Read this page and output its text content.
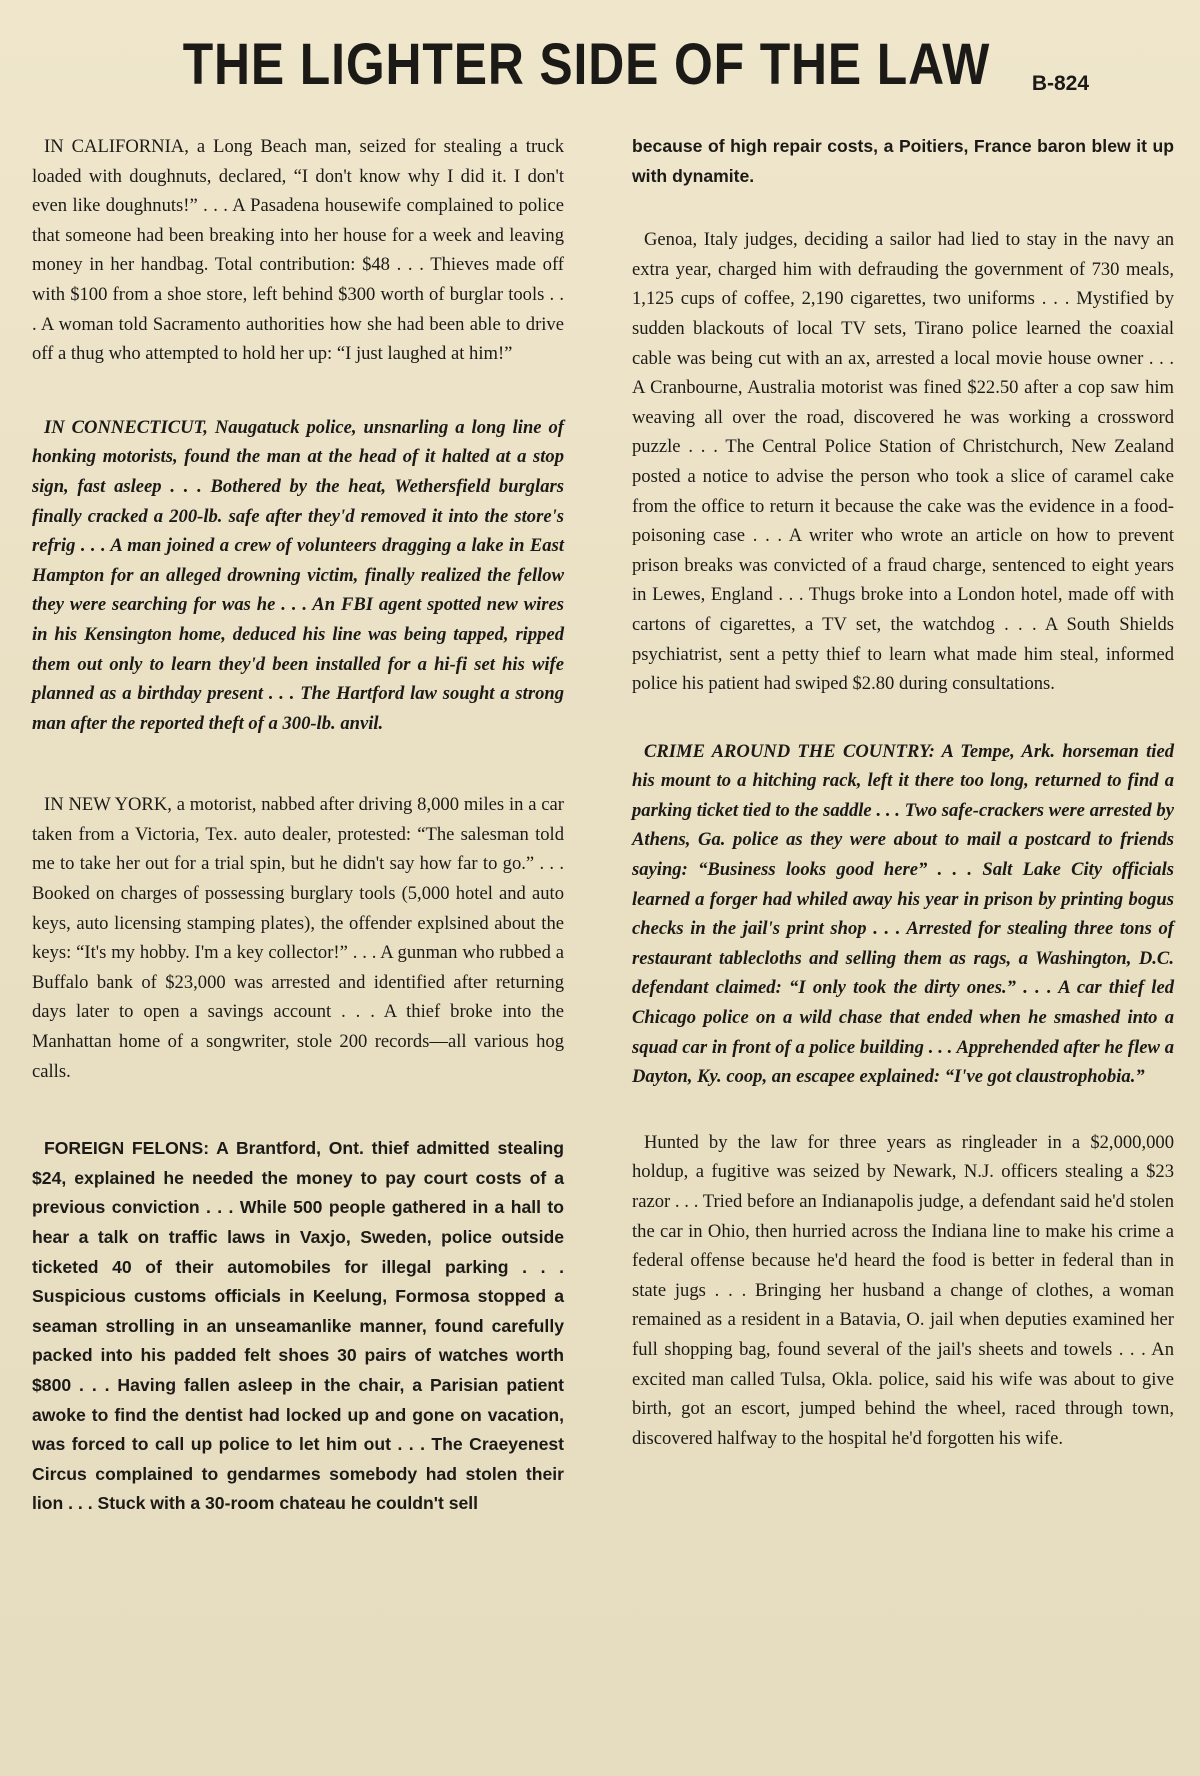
THE LIGHTER SIDE OF THE LAW B-824

IN CALIFORNIA, a Long Beach man, seized for stealing a truck loaded with doughnuts, declared, “I don't know why I did it. I don't even like doughnuts!” . . . A Pasadena housewife complained to police that someone had been breaking into her house for a week and leaving money in her handbag. Total contribution: $48 . . . Thieves made off with $100 from a shoe store, left behind $300 worth of burglar tools . . . A woman told Sacramento authorities how she had been able to drive off a thug who attempted to hold her up: “I just laughed at him!”

IN CONNECTICUT, Naugatuck police, unsnarling a long line of honking motorists, found the man at the head of it halted at a stop sign, fast asleep . . . Bothered by the heat, Wethersfield burglars finally cracked a 200-lb. safe after they'd removed it into the store's refrig . . . A man joined a crew of volunteers dragging a lake in East Hampton for an alleged drowning victim, finally realized the fellow they were searching for was he . . . An FBI agent spotted new wires in his Kensington home, deduced his line was being tapped, ripped them out only to learn they'd been installed for a hi-fi set his wife planned as a birthday present . . . The Hartford law sought a strong man after the reported theft of a 300-lb. anvil.

IN NEW YORK, a motorist, nabbed after driving 8,000 miles in a car taken from a Victoria, Tex. auto dealer, protested: “The salesman told me to take her out for a trial spin, but he didn't say how far to go.” . . . Booked on charges of possessing burglary tools (5,000 hotel and auto keys, auto licensing stamping plates), the offender explsined about the keys: “It's my hobby. I'm a key collector!” . . . A gunman who rubbed a Buffalo bank of $23,000 was arrested and identified after returning days later to open a savings account . . . A thief broke into the Manhattan home of a songwriter, stole 200 records—all various hog calls.

FOREIGN FELONS: A Brantford, Ont. thief admitted stealing $24, explained he needed the money to pay court costs of a previous conviction . . . While 500 people gathered in a hall to hear a talk on traffic laws in Vaxjo, Sweden, police outside ticketed 40 of their automobiles for illegal parking . . . Suspicious customs officials in Keelung, Formosa stopped a seaman strolling in an unseamanlike manner, found carefully packed into his padded felt shoes 30 pairs of watches worth $800 . . . Having fallen asleep in the chair, a Parisian patient awoke to find the dentist had locked up and gone on vacation, was forced to call up police to let him out . . . The Craeyenest Circus complained to gendarmes somebody had stolen their lion . . . Stuck with a 30-room chateau he couldn't sell

because of high repair costs, a Poitiers, France baron blew it up with dynamite.

Genoa, Italy judges, deciding a sailor had lied to stay in the navy an extra year, charged him with defrauding the government of 730 meals, 1,125 cups of coffee, 2,190 cigarettes, two uniforms . . . Mystified by sudden blackouts of local TV sets, Tirano police learned the coaxial cable was being cut with an ax, arrested a local movie house owner . . . A Cranbourne, Australia motorist was fined $22.50 after a cop saw him weaving all over the road, discovered he was working a crossword puzzle . . . The Central Police Station of Christchurch, New Zealand posted a notice to advise the person who took a slice of caramel cake from the office to return it because the cake was the evidence in a food-poisoning case . . . A writer who wrote an article on how to prevent prison breaks was convicted of a fraud charge, sentenced to eight years in Lewes, England . . . Thugs broke into a London hotel, made off with cartons of cigarettes, a TV set, the watchdog . . . A South Shields psychiatrist, sent a petty thief to learn what made him steal, informed police his patient had swiped $2.80 during consultations.

CRIME AROUND THE COUNTRY: A Tempe, Ark. horseman tied his mount to a hitching rack, left it there too long, returned to find a parking ticket tied to the saddle . . . Two safe-crackers were arrested by Athens, Ga. police as they were about to mail a postcard to friends saying: “Business looks good here” . . . Salt Lake City officials learned a forger had whiled away his year in prison by printing bogus checks in the jail's print shop . . . Arrested for stealing three tons of restaurant tablecloths and selling them as rags, a Washington, D.C. defendant claimed: “I only took the dirty ones.” . . . A car thief led Chicago police on a wild chase that ended when he smashed into a squad car in front of a police building . . . Apprehended after he flew a Dayton, Ky. coop, an escapee explained: “I've got claustrophobia.”

Hunted by the law for three years as ringleader in a $2,000,000 holdup, a fugitive was seized by Newark, N.J. officers stealing a $23 razor . . . Tried before an Indianapolis judge, a defendant said he'd stolen the car in Ohio, then hurried across the Indiana line to make his crime a federal offense because he'd heard the food is better in federal than in state jugs . . . Bringing her husband a change of clothes, a woman remained as a resident in a Batavia, O. jail when deputies examined her full shopping bag, found several of the jail's sheets and towels . . . An excited man called Tulsa, Okla. police, said his wife was about to give birth, got an escort, jumped behind the wheel, raced through town, discovered halfway to the hospital he'd forgotten his wife.
